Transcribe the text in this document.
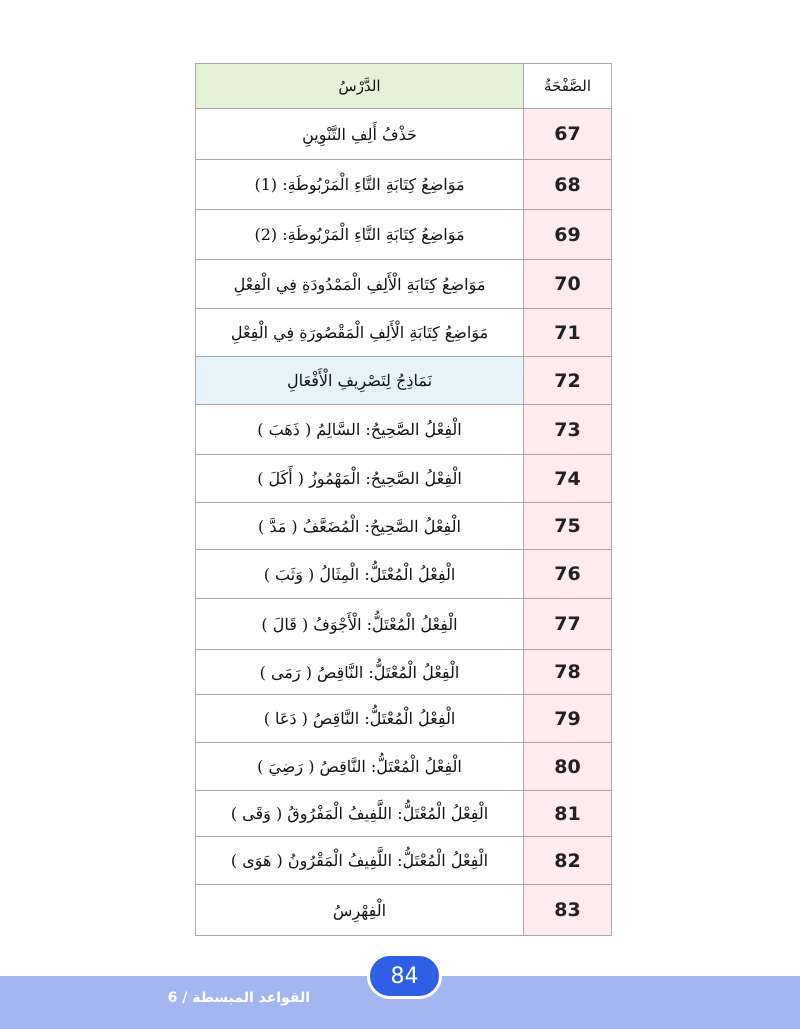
الدَّرْسُ	الصَّفْحَةُ
حَذْفُ أَلِفِ التَّنْوِينِ	67
مَوَاضِعُ كِتَابَةِ التَّاءِ الْمَرْبُوطَةِ: (1)	68
مَوَاضِعُ كِتَابَةِ التَّاءِ الْمَرْبُوطَةِ: (2)	69
مَوَاضِعُ كِتَابَةِ الْأَلِفِ الْمَمْدُودَةِ فِي الْفِعْلِ	70
مَوَاضِعُ كِتَابَةِ الْأَلِفِ الْمَقْصُورَةِ فِي الْفِعْلِ	71
نَمَاذِجُ لِتَصْرِيفِ الْأَفْعَالِ	72
الْفِعْلُ الصَّحِيحُ: السَّالِمُ ( ذَهَبَ )	73
الْفِعْلُ الصَّحِيحُ: الْمَهْمُوزُ ( أَكَلَ )	74
الْفِعْلُ الصَّحِيحُ: الْمُضَعَّفُ ( مَدَّ )	75
الْفِعْلُ الْمُعْتَلُّ: الْمِثَالُ ( وَثَبَ )	76
الْفِعْلُ الْمُعْتَلُّ: الْأَجْوَفُ ( قَالَ )	77
الْفِعْلُ الْمُعْتَلُّ: النَّاقِصُ ( رَمَى )	78
الْفِعْلُ الْمُعْتَلُّ: النَّاقِصُ ( دَعَا )	79
الْفِعْلُ الْمُعْتَلُّ: النَّاقِصُ ( رَضِيَ )	80
الْفِعْلُ الْمُعْتَلُّ: اللَّفِيفُ الْمَفْرُوقُ ( وَقَى )	81
الْفِعْلُ الْمُعْتَلُّ: اللَّفِيفُ الْمَقْرُونُ ( هَوَى )	82
الْفِهْرِسُ	83
القواعد المبسطة / 6
84
